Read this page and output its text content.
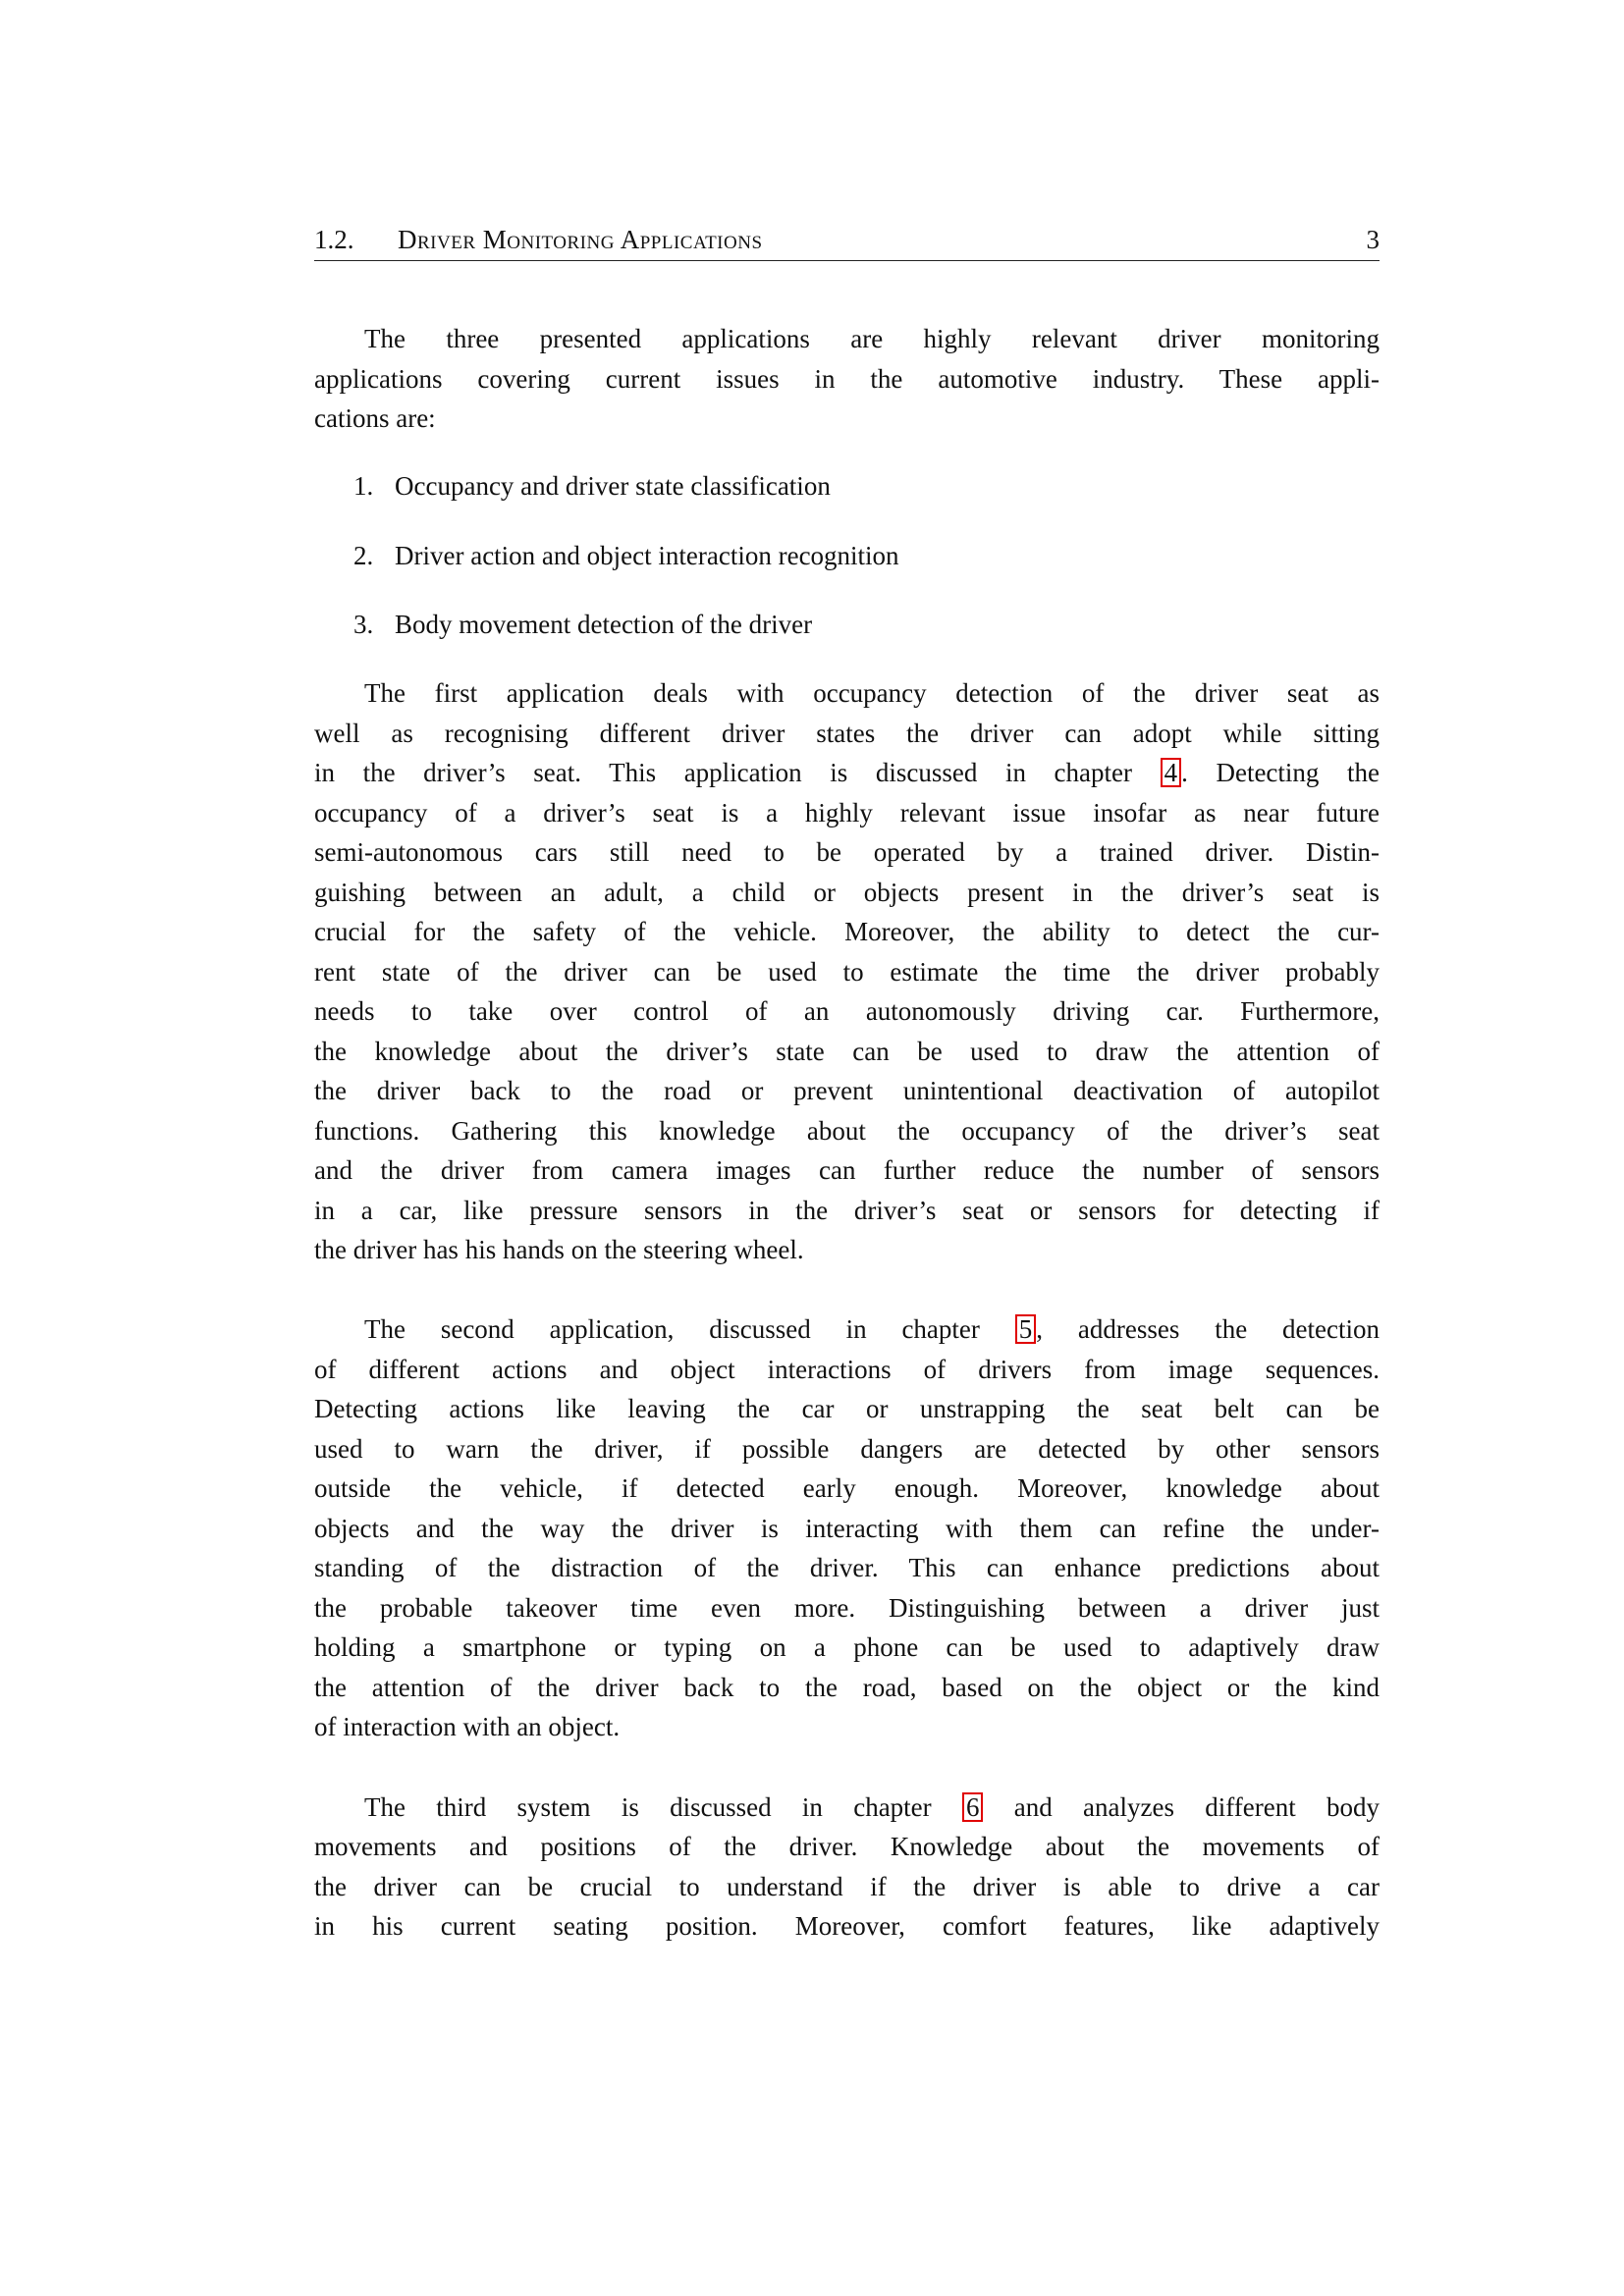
1.2. Driver Monitoring Applications	3
The three presented applications are highly relevant driver monitoring
applications covering current issues in the automotive industry. These appli-
cations are:
1. Occupancy and driver state classification
2. Driver action and object interaction recognition
3. Body movement detection of the driver
The first application deals with occupancy detection of the driver seat as
well as recognising different driver states the driver can adopt while sitting
in the driver’s seat. This application is discussed in chapter 4 . Detecting the
occupancy of a driver’s seat is a highly relevant issue insofar as near future
semi-autonomous cars still need to be operated by a trained driver. Distin-
guishing between an adult, a child or objects present in the driver’s seat is
crucial for the safety of the vehicle. Moreover, the ability to detect the cur-
rent state of the driver can be used to estimate the time the driver probably
needs to take over control of an autonomously driving car. Furthermore,
the knowledge about the driver’s state can be used to draw the attention of
the driver back to the road or prevent unintentional deactivation of autopilot
functions. Gathering this knowledge about the occupancy of the driver’s seat
and the driver from camera images can further reduce the number of sensors
in a car, like pressure sensors in the driver’s seat or sensors for detecting if
the driver has his hands on the steering wheel.
The second application, discussed in chapter 5 , addresses the detection
of different actions and object interactions of drivers from image sequences.
Detecting actions like leaving the car or unstrapping the seat belt can be
used to warn the driver, if possible dangers are detected by other sensors
outside the vehicle, if detected early enough. Moreover, knowledge about
objects and the way the driver is interacting with them can refine the under-
standing of the distraction of the driver. This can enhance predictions about
the probable takeover time even more. Distinguishing between a driver just
holding a smartphone or typing on a phone can be used to adaptively draw
the attention of the driver back to the road, based on the object or the kind
of interaction with an object.
The third system is discussed in chapter 6 and analyzes different body
movements and positions of the driver. Knowledge about the movements of
the driver can be crucial to understand if the driver is able to drive a car
in his current seating position. Moreover, comfort features, like adaptively
